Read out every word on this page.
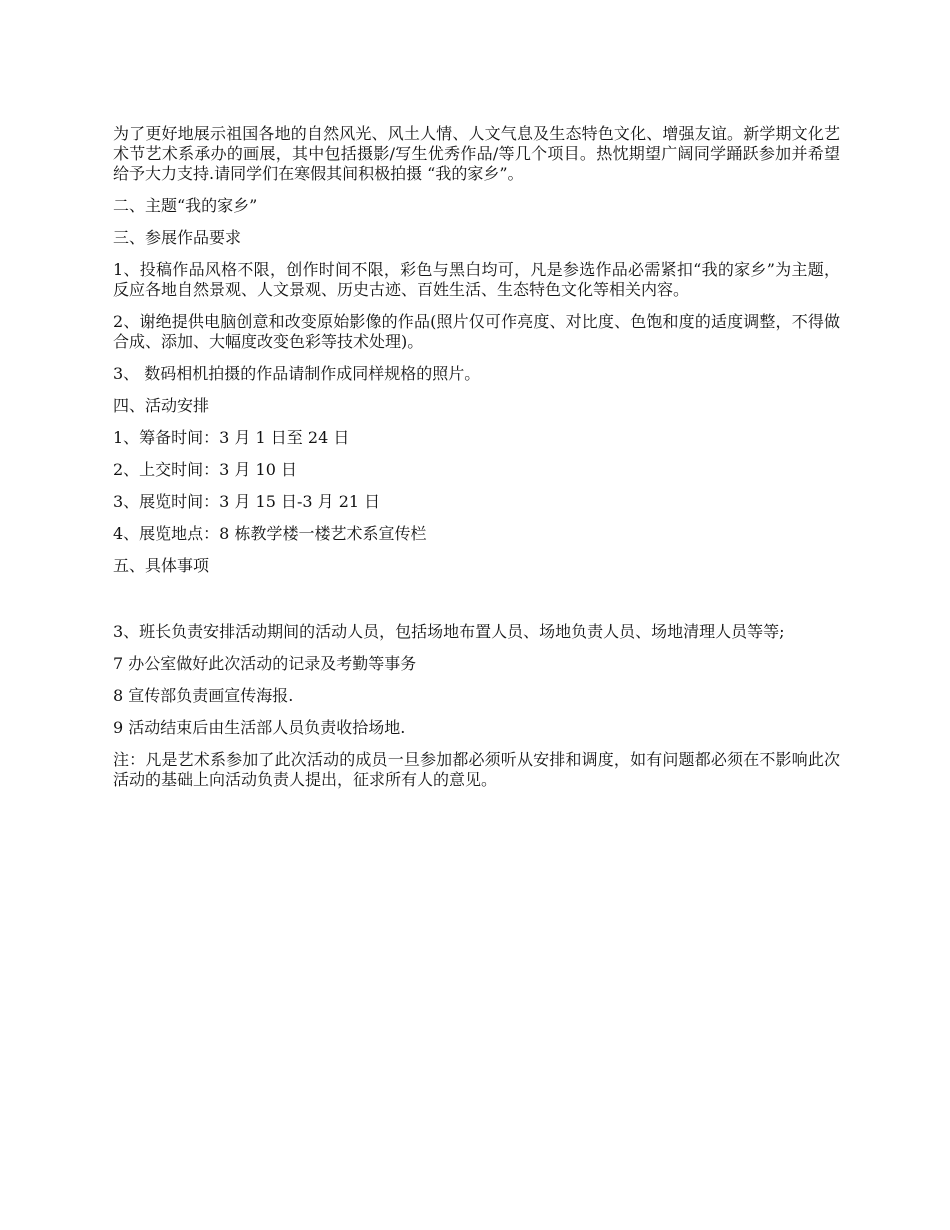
为了更好地展示祖国各地的自然风光、风土人情、人文气息及生态特色文化、增强友谊。新学期文化艺术节艺术系承办的画展，其中包括摄影/写生优秀作品/等几个项目。热忱期望广阔同学踊跃参加并希望给予大力支持.请同学们在寒假其间积极拍摄 “我的家乡”。

二、主题“我的家乡”

三、参展作品要求

1、投稿作品风格不限，创作时间不限，彩色与黑白均可，凡是参选作品必需紧扣“我的家乡”为主题，反应各地自然景观、人文景观、历史古迹、百姓生活、生态特色文化等相关内容。

2、谢绝提供电脑创意和改变原始影像的作品(照片仅可作亮度、对比度、色饱和度的适度调整，不得做合成、添加、大幅度改变色彩等技术处理)。

3、 数码相机拍摄的作品请制作成同样规格的照片。

四、活动安排

1、筹备时间：3 月 1 日至 24 日

2、上交时间：3 月 10 日

3、展览时间：3 月 15 日-3 月 21 日

4、展览地点：8 栋教学楼一楼艺术系宣传栏

五、具体事项

3、班长负责安排活动期间的活动人员，包括场地布置人员、场地负责人员、场地清理人员等等;

7 办公室做好此次活动的记录及考勤等事务

8 宣传部负责画宣传海报.

9 活动结束后由生活部人员负责收拾场地.

注：凡是艺术系参加了此次活动的成员一旦参加都必须听从安排和调度，如有问题都必须在不影响此次活动的基础上向活动负责人提出，征求所有人的意见。
